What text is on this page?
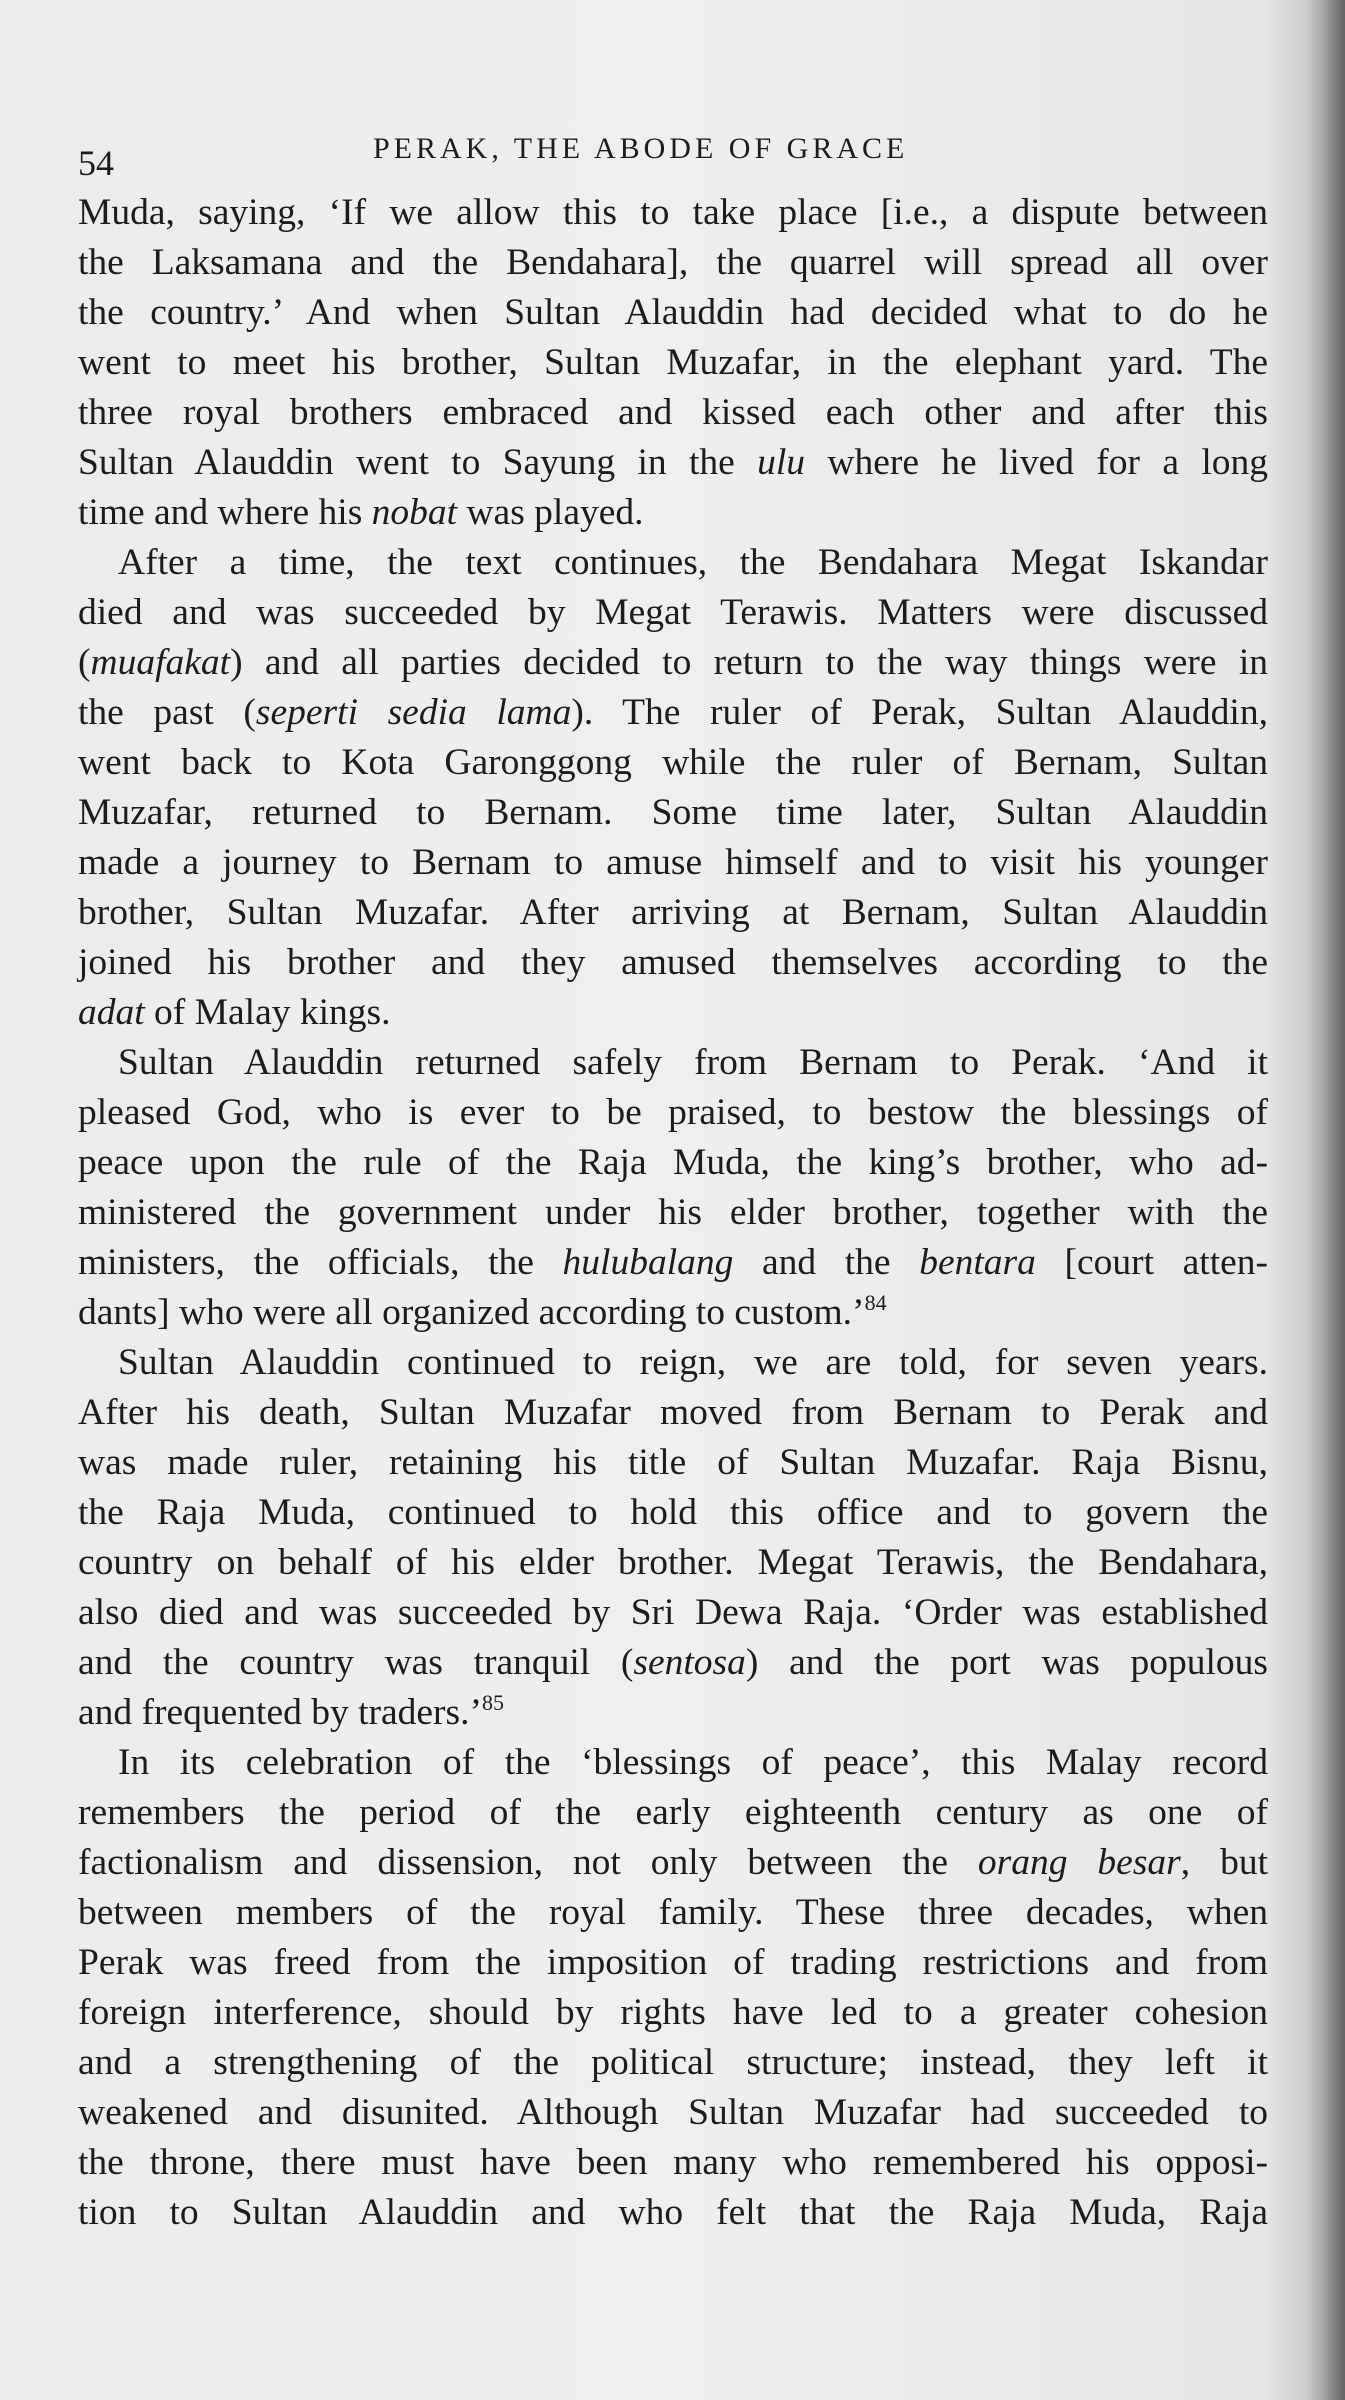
54	PERAK, THE ABODE OF GRACE
Muda, saying, ‘If we allow this to take place [i.e., a dispute between
the Laksamana and the Bendahara], the quarrel will spread all over
the country.’ And when Sultan Alauddin had decided what to do he
went to meet his brother, Sultan Muzafar, in the elephant yard. The
three royal brothers embraced and kissed each other and after this
Sultan Alauddin went to Sayung in the ulu where he lived for a long
time and where his nobat was played.
After a time, the text continues, the Bendahara Megat Iskandar
died and was succeeded by Megat Terawis. Matters were discussed
(muafakat) and all parties decided to return to the way things were in
the past (seperti sedia lama). The ruler of Perak, Sultan Alauddin,
went back to Kota Garonggong while the ruler of Bernam, Sultan
Muzafar, returned to Bernam. Some time later, Sultan Alauddin
made a journey to Bernam to amuse himself and to visit his younger
brother, Sultan Muzafar. After arriving at Bernam, Sultan Alauddin
joined his brother and they amused themselves according to the
adat of Malay kings.
Sultan Alauddin returned safely from Bernam to Perak. ‘And it
pleased God, who is ever to be praised, to bestow the blessings of
peace upon the rule of the Raja Muda, the king’s brother, who ad-
ministered the government under his elder brother, together with the
ministers, the officials, the hulubalang and the bentara [court atten-
dants] who were all organized according to custom.’$^{84}$
Sultan Alauddin continued to reign, we are told, for seven years.
After his death, Sultan Muzafar moved from Bernam to Perak and
was made ruler, retaining his title of Sultan Muzafar. Raja Bisnu,
the Raja Muda, continued to hold this office and to govern the
country on behalf of his elder brother. Megat Terawis, the Bendahara,
also died and was succeeded by Sri Dewa Raja. ‘Order was established
and the country was tranquil (sentosa) and the port was populous
and frequented by traders.’$^{85}$
In its celebration of the ‘blessings of peace’, this Malay record
remembers the period of the early eighteenth century as one of
factionalism and dissension, not only between the orang besar, but
between members of the royal family. These three decades, when
Perak was freed from the imposition of trading restrictions and from
foreign interference, should by rights have led to a greater cohesion
and a strengthening of the political structure; instead, they left it
weakened and disunited. Although Sultan Muzafar had succeeded to
the throne, there must have been many who remembered his opposi-
tion to Sultan Alauddin and who felt that the Raja Muda, Raja
